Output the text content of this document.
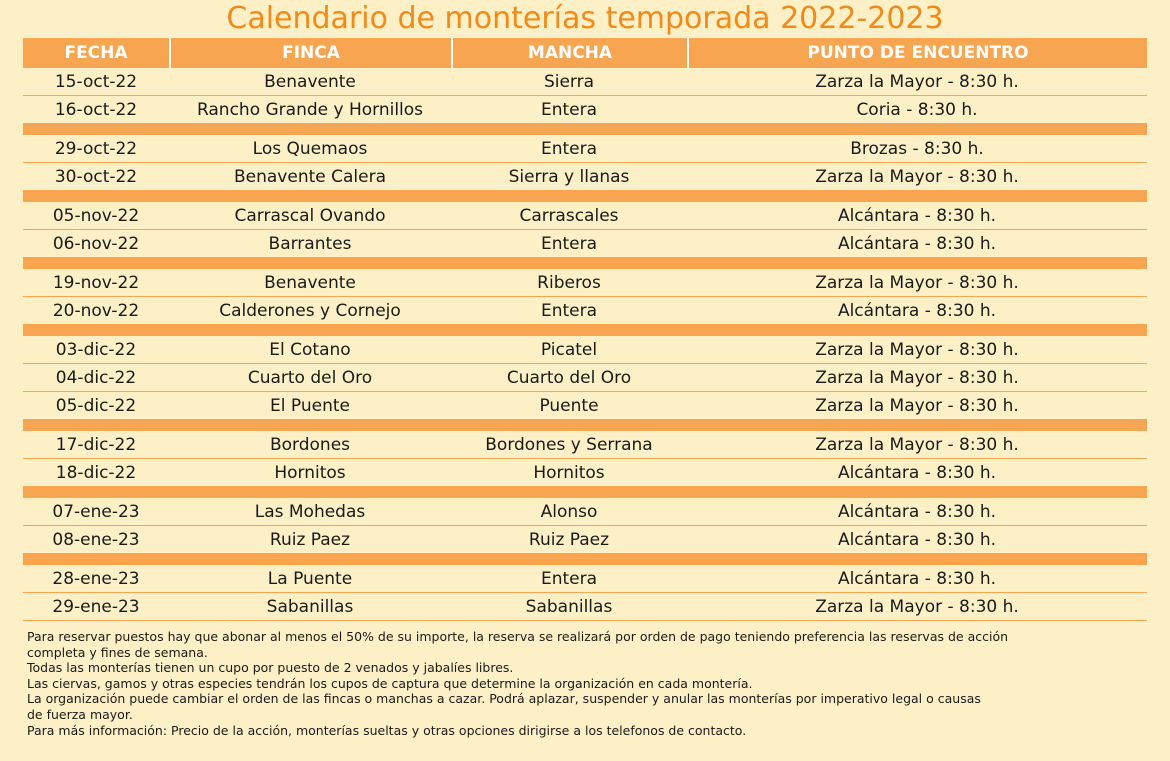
Calendario de monterías temporada 2022-2023
FECHA	FINCA	MANCHA	PUNTO DE ENCUENTRO
15-oct-22	Benavente	Sierra	Zarza la Mayor - 8:30 h.
16-oct-22	Rancho Grande y Hornillos	Entera	Coria - 8:30 h.
29-oct-22	Los Quemaos	Entera	Brozas - 8:30 h.
30-oct-22	Benavente Calera	Sierra y llanas	Zarza la Mayor - 8:30 h.
05-nov-22	Carrascal Ovando	Carrascales	Alcántara - 8:30 h.
06-nov-22	Barrantes	Entera	Alcántara - 8:30 h.
19-nov-22	Benavente	Riberos	Zarza la Mayor - 8:30 h.
20-nov-22	Calderones y Cornejo	Entera	Alcántara - 8:30 h.
03-dic-22	El Cotano	Picatel	Zarza la Mayor - 8:30 h.
04-dic-22	Cuarto del Oro	Cuarto del Oro	Zarza la Mayor - 8:30 h.
05-dic-22	El Puente	Puente	Zarza la Mayor - 8:30 h.
17-dic-22	Bordones	Bordones y Serrana	Zarza la Mayor - 8:30 h.
18-dic-22	Hornitos	Hornitos	Alcántara - 8:30 h.
07-ene-23	Las Mohedas	Alonso	Alcántara - 8:30 h.
08-ene-23	Ruiz Paez	Ruiz Paez	Alcántara - 8:30 h.
28-ene-23	La Puente	Entera	Alcántara - 8:30 h.
29-ene-23	Sabanillas	Sabanillas	Zarza la Mayor - 8:30 h.

Para reservar puestos hay que abonar al menos el 50% de su importe, la reserva se realizará por orden de pago teniendo preferencia las reservas de acción

completa y fines de semana.

Todas las monterías tienen un cupo por puesto de 2 venados y jabalíes libres.

Las ciervas, gamos y otras especies tendrán los cupos de captura que determine la organización en cada montería.

La organización puede cambiar el orden de las fincas o manchas a cazar. Podrá aplazar, suspender y anular las monterías por imperativo legal o causas

de fuerza mayor.

Para más información: Precio de la acción, monterías sueltas y otras opciones dirigirse a los telefonos de contacto.
